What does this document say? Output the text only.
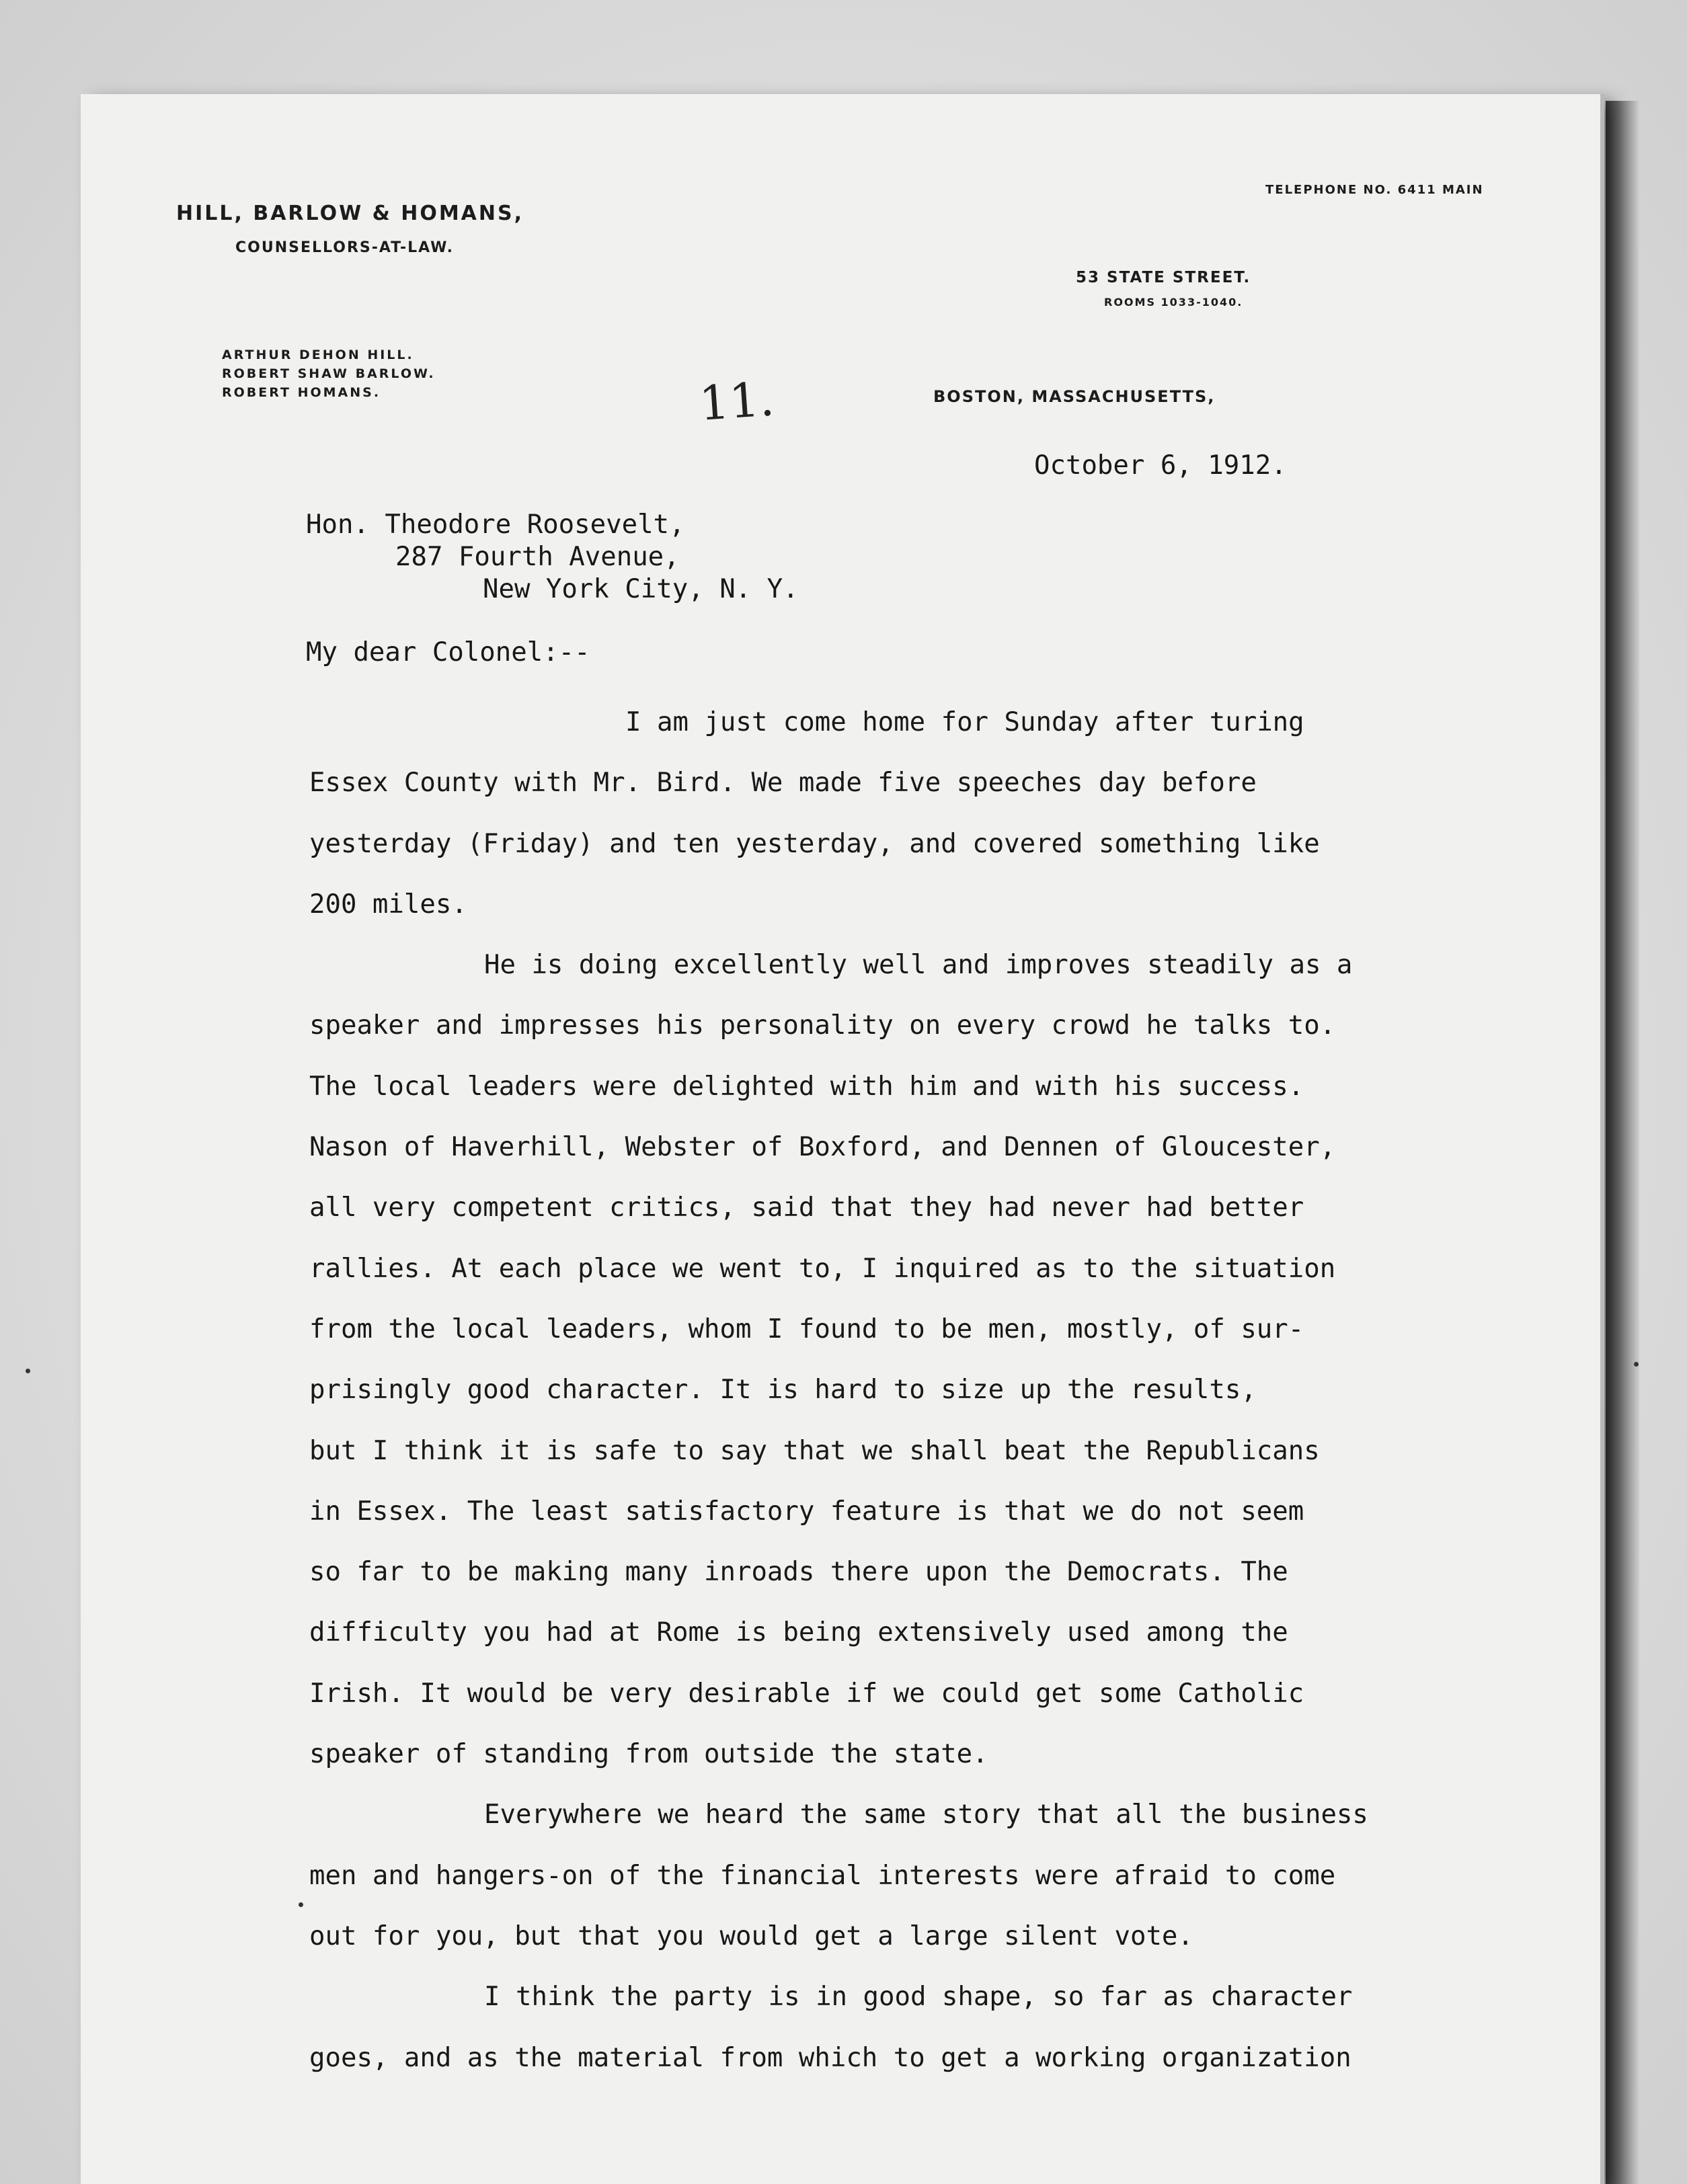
HILL, BARLOW & HOMANS,
COUNSELLORS-AT-LAW.
TELEPHONE NO. 6411 MAIN
53 STATE STREET.
ROOMS 1033-1040.
ARTHUR DEHON HILL.
ROBERT SHAW BARLOW.
ROBERT HOMANS.	11.	BOSTON, MASSACHUSETTS,
October 6, 1912.
Hon. Theodore Roosevelt,
287 Fourth Avenue,
New York City, N. Y.
My dear Colonel:--
I am just come home for Sunday after turing
Essex County with Mr. Bird. We made five speeches day before
yesterday (Friday) and ten yesterday, and covered something like
200 miles.
He is doing excellently well and improves steadily as a
speaker and impresses his personality on every crowd he talks to.
The local leaders were delighted with him and with his success.
Nason of Haverhill, Webster of Boxford, and Dennen of Gloucester,
all very competent critics, said that they had never had better
rallies. At each place we went to, I inquired as to the situation
from the local leaders, whom I found to be men, mostly, of sur-
prisingly good character. It is hard to size up the results,
but I think it is safe to say that we shall beat the Republicans
in Essex. The least satisfactory feature is that we do not seem
so far to be making many inroads there upon the Democrats. The
difficulty you had at Rome is being extensively used among the
Irish. It would be very desirable if we could get some Catholic
speaker of standing from outside the state.
Everywhere we heard the same story that all the business
men and hangers-on of the financial interests were afraid to come
out for you, but that you would get a large silent vote.
I think the party is in good shape, so far as character
goes, and as the material from which to get a working organization
